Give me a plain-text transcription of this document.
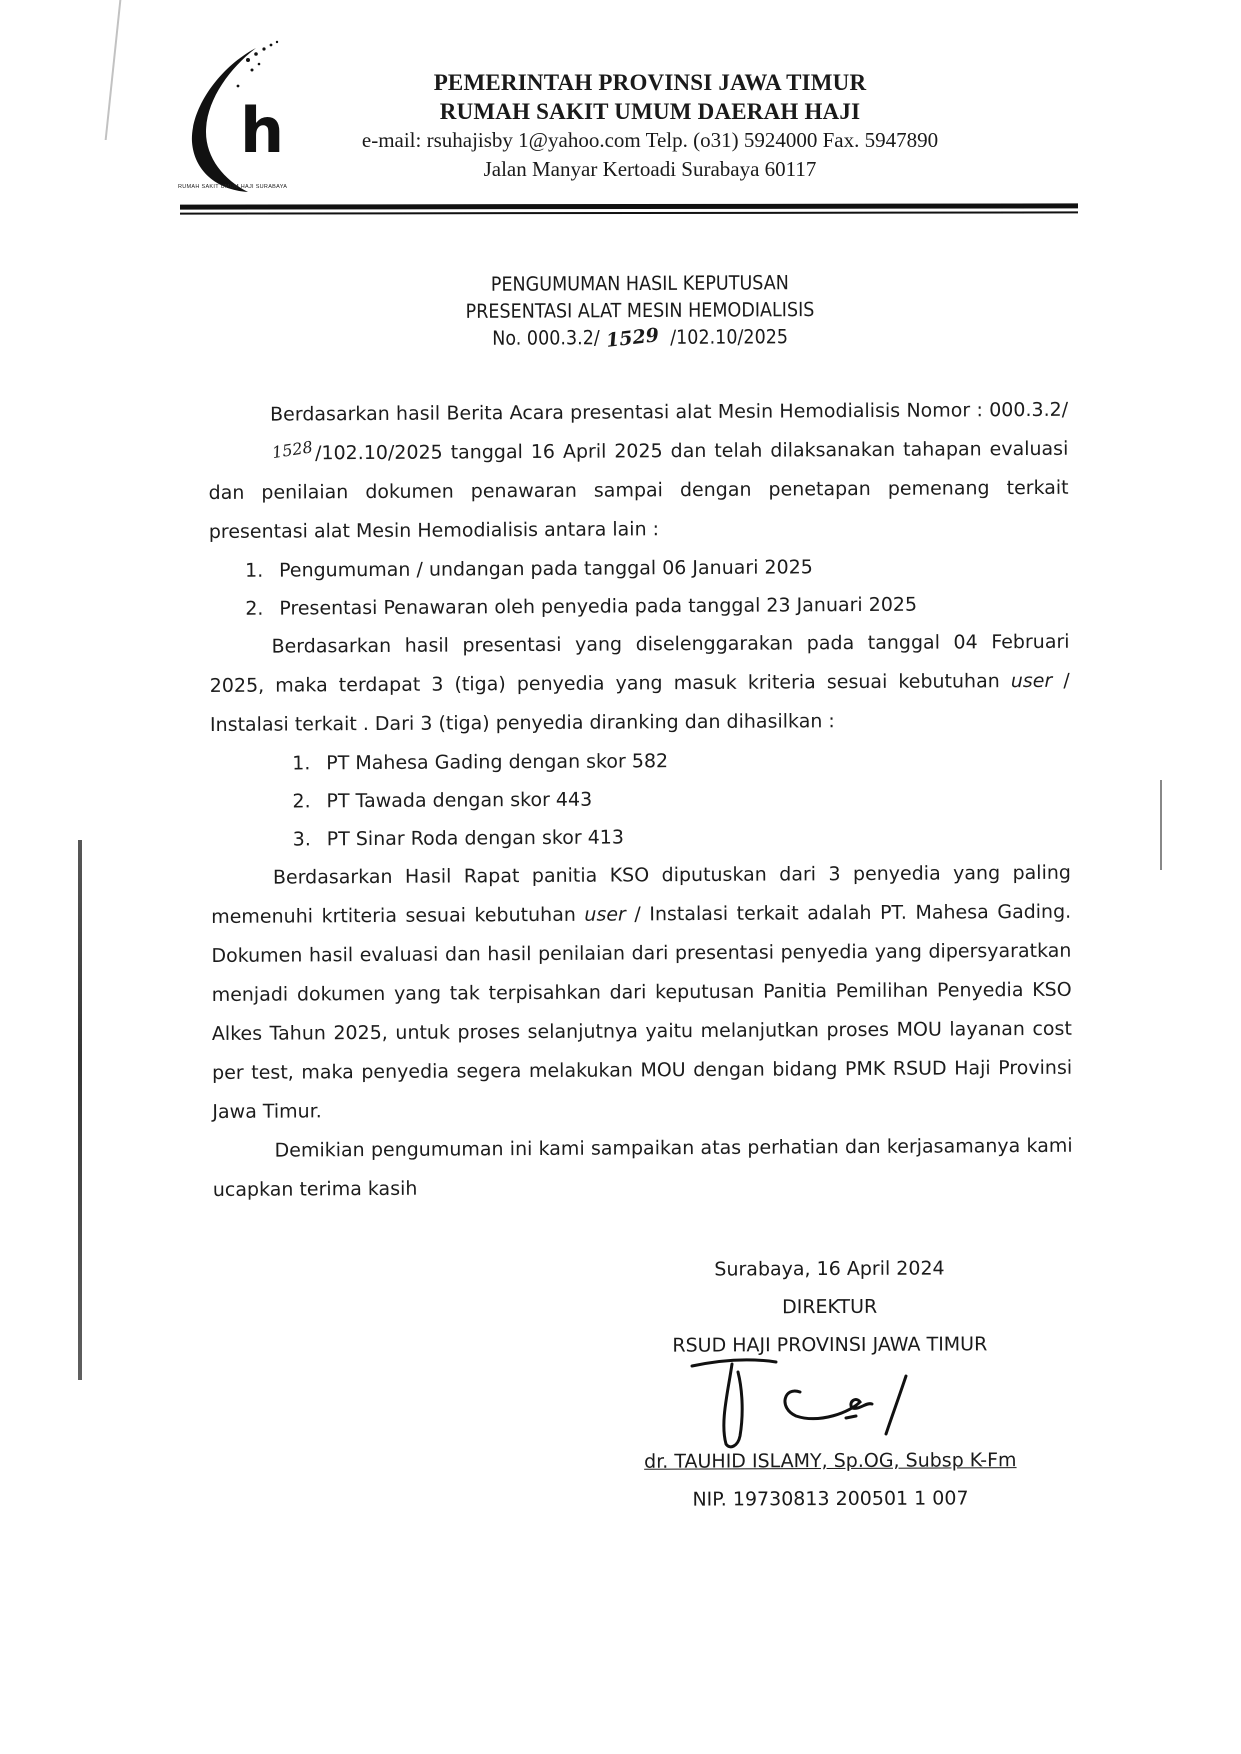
h
RUMAH SAKIT UMUM HAJI SURABAYA
PEMERINTAH PROVINSI JAWA TIMUR
RUMAH SAKIT UMUM DAERAH HAJI
e-mail: rsuhajisby 1@yahoo.com Telp. (o31) 5924000 Fax. 5947890
Jalan Manyar Kertoadi Surabaya 60117
PENGUMUMAN HASIL KEPUTUSAN
PRESENTASI ALAT MESIN HEMODIALISIS
No. 000.3.2/ 1529 /102.10/2025

Berdasarkan hasil Berita Acara presentasi alat Mesin Hemodialisis Nomor : 000.3.2/1528/102.10/2025 tanggal 16 April 2025 dan telah dilaksanakan tahapan evaluasi dan penilaian dokumen penawaran sampai dengan penetapan pemenang terkait presentasi alat Mesin Hemodialisis antara lain :

1. Pengumuman / undangan pada tanggal 06 Januari 2025
2. Presentasi Penawaran oleh penyedia pada tanggal 23 Januari 2025

Berdasarkan hasil presentasi yang diselenggarakan pada tanggal 04 Februari 2025, maka terdapat 3 (tiga) penyedia yang masuk kriteria sesuai kebutuhan user / Instalasi terkait . Dari 3 (tiga) penyedia diranking dan dihasilkan :

1. PT Mahesa Gading dengan skor 582
2. PT Tawada dengan skor 443
3. PT Sinar Roda dengan skor 413

Berdasarkan Hasil Rapat panitia KSO diputuskan dari 3 penyedia yang paling memenuhi krtiteria sesuai kebutuhan user / Instalasi terkait adalah PT. Mahesa Gading. Dokumen hasil evaluasi dan hasil penilaian dari presentasi penyedia yang dipersyaratkan menjadi dokumen yang tak terpisahkan dari keputusan Panitia Pemilihan Penyedia KSO Alkes Tahun 2025, untuk proses selanjutnya yaitu melanjutkan proses MOU layanan cost per test, maka penyedia segera melakukan MOU dengan bidang PMK RSUD Haji Provinsi Jawa Timur.

Demikian pengumuman ini kami sampaikan atas perhatian dan kerjasamanya kami ucapkan terima kasih

Surabaya, 16 April 2024
DIREKTUR
RSUD HAJI PROVINSI JAWA TIMUR
dr. TAUHID ISLAMY, Sp.OG, Subsp K-Fm
NIP. 19730813 200501 1 007
